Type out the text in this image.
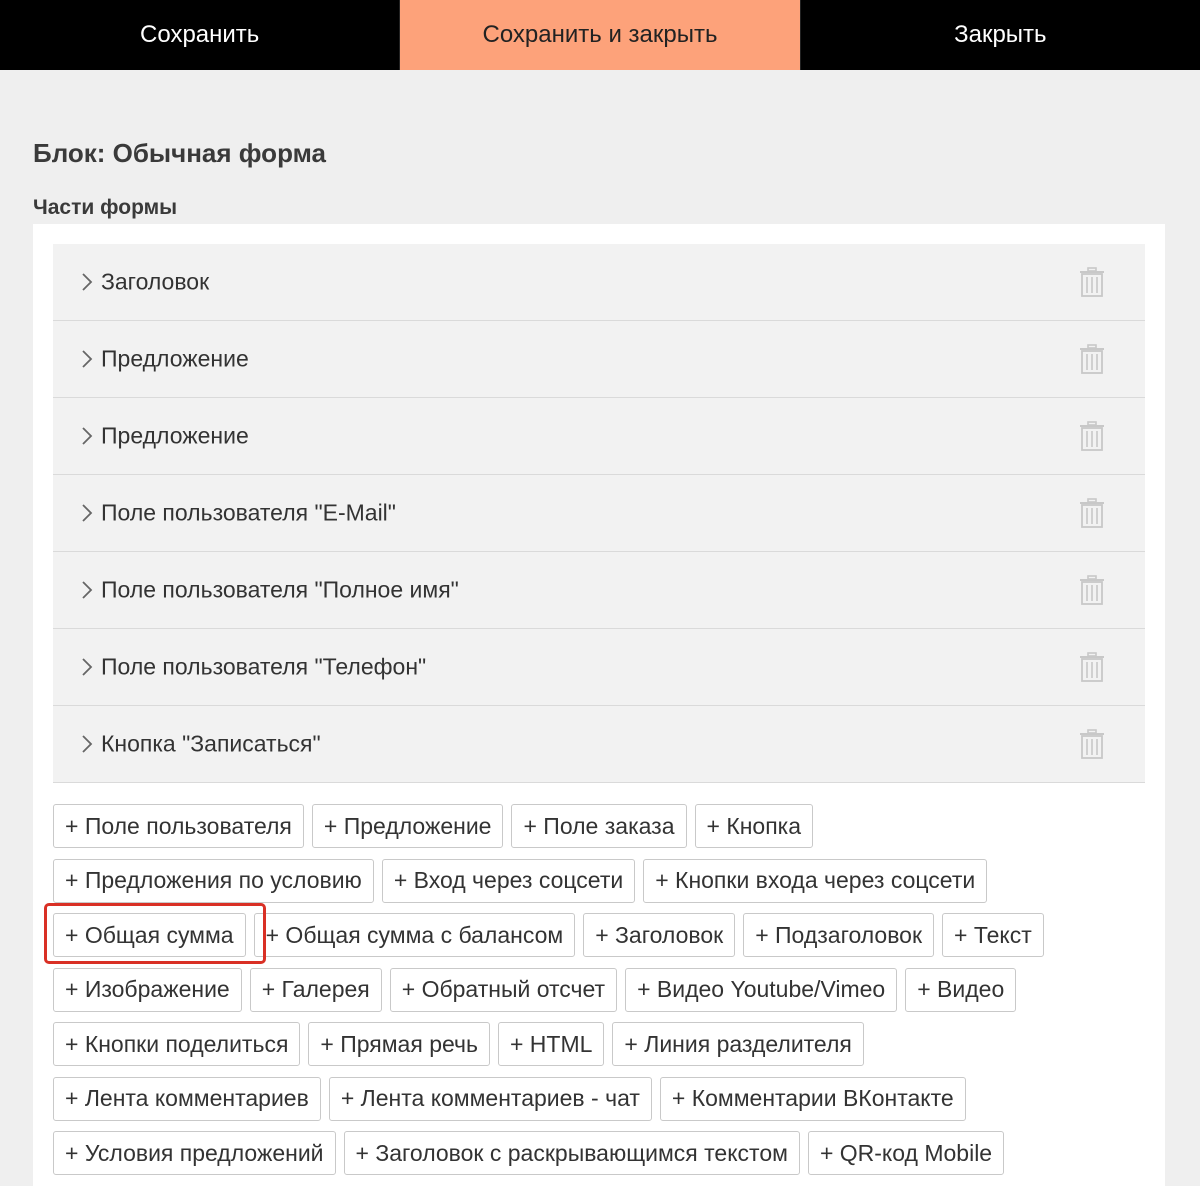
Сохранить	Сохранить и закрыть	Закрыть
Блок: Обычная форма
Части формы
Заголовок
Предложение
Предложение
Поле пользователя "E-Mail"
Поле пользователя "Полное имя"
Поле пользователя "Телефон"
Кнопка "Записаться"
+ Поле пользователя	+ Предложение	+ Поле заказа	+ Кнопка
+ Предложения по условию	+ Вход через соцсети	+ Кнопки входа через соцсети
+ Общая сумма	+ Общая сумма с балансом	+ Заголовок	+ Подзаголовок	+ Текст
+ Изображение	+ Галерея	+ Обратный отсчет	+ Видео Youtube/Vimeo	+ Видео
+ Кнопки поделиться	+ Прямая речь	+ HTML	+ Линия разделителя
+ Лента комментариев	+ Лента комментариев - чат	+ Комментарии ВКонтакте
+ Условия предложений	+ Заголовок с раскрывающимся текстом	+ QR-код Mobile
